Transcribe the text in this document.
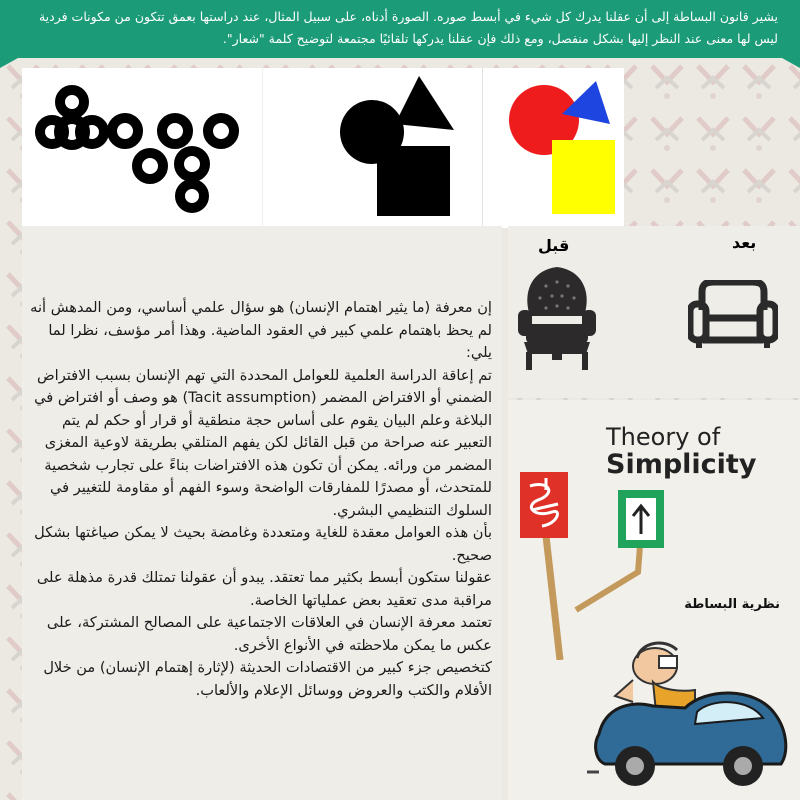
يشير قانون البساطة إلى أن عقلنا يدرك كل شيء في أبسط صوره. الصورة أدناه، على سبيل المثال، عند دراستها بعمق تتكون من مكونات فردية ليس لها معنى عند النظر إليها بشكل منفصل، ومع ذلك فإن عقلنا يدركها تلقائيًا مجتمعة لتوضيح كلمة "شعار".

إن معرفة (ما يثير اهتمام الإنسان) هو سؤال علمي أساسي، ومن المدهش أنه لم يحظ باهتمام علمي كبير في العقود الماضية. وهذا أمر مؤسف، نظرا لما يلي:

تم إعاقة الدراسة العلمية للعوامل المحددة التي تهم الإنسان بسبب الافتراض الضمني أو الافتراض المضمر (Tacit assumption) هو وصف أو افتراض في البلاغة وعلم البيان يقوم على أساس حجة منطقية أو قرار أو حكم لم يتم التعبير عنه صراحة من قبل القائل لكن يفهم المتلقي بطريقة لاوعية المغزى المضمر من ورائه. يمكن أن تكون هذه الافتراضات بناءً على تجارب شخصية للمتحدث، أو مصدرًا للمفارقات الواضحة وسوء الفهم أو مقاومة للتغيير في السلوك التنظيمي البشري.

بأن هذه العوامل معقدة للغاية ومتعددة وغامضة بحيث لا يمكن صياغتها بشكل صحيح.

عقولنا ستكون أبسط بكثير مما تعتقد. يبدو أن عقولنا تمتلك قدرة مذهلة على مراقبة مدى تعقيد بعض عملياتها الخاصة.

تعتمد معرفة الإنسان في العلاقات الاجتماعية على المصالح المشتركة، على عكس ما يمكن ملاحظته في الأنواع الأخرى.

كتخصيص جزء كبير من الاقتصادات الحديثة (لإثارة إهتمام الإنسان) من خلال الأفلام والكتب والعروض ووسائل الإعلام والألعاب.

بعد
قبل
Theory of
Simplicity
نظرية البساطة
